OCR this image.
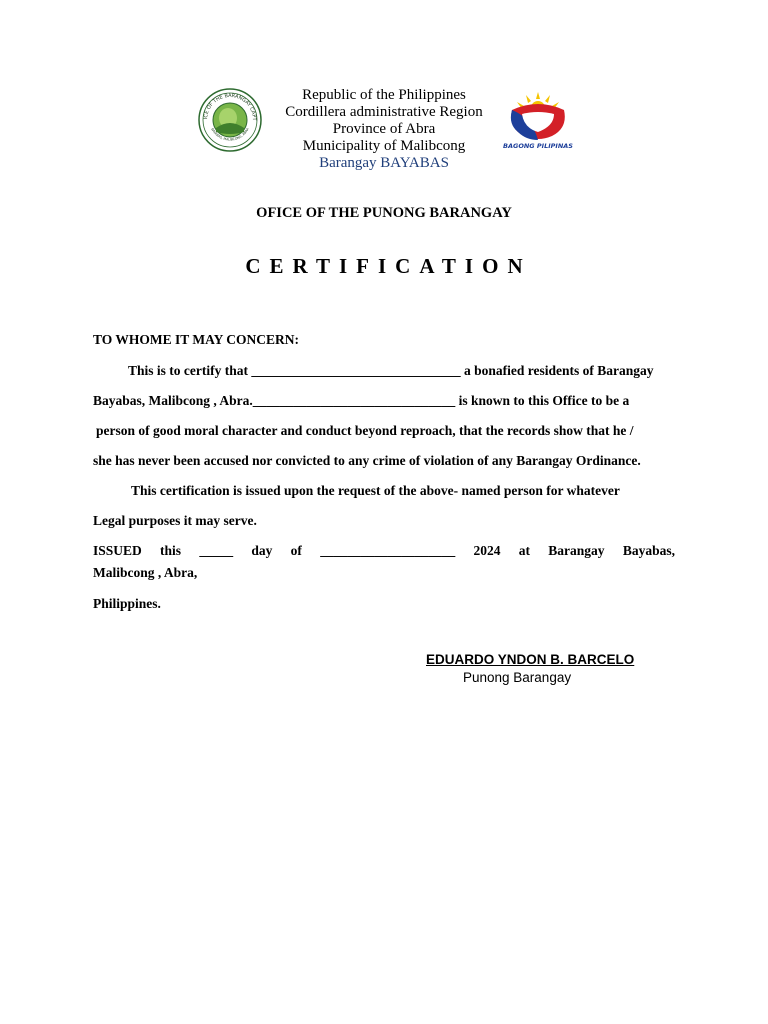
ICE OF THE BARANGAY CAPT
BAYABAS, MALIBCONG, ABRA
Republic of the Philippines
Cordillera administrative Region
Province of Abra
Municipality of Malibcong
Barangay BAYABAS
BAGONG PILIPINAS
OFICE OF THE PUNONG BARANGAY
CERTIFICATION
TO WHOME IT MAY CONCERN:
This is to certify that _______________________________ a bonafied residents of Barangay
Bayabas, Malibcong , Abra.______________________________ is known to this Office to be a
person of good moral character and conduct beyond reproach, that the records show that he /
she has never been accused nor convicted to any crime of violation of any Barangay Ordinance.
This certification is issued upon the request of the above- named person for whatever
Legal purposes it may serve.
ISSUED this _____ day of ____________________ 2024 at Barangay Bayabas,
Malibcong , Abra,
Philippines.
EDUARDO YNDON B. BARCELO
Punong Barangay
